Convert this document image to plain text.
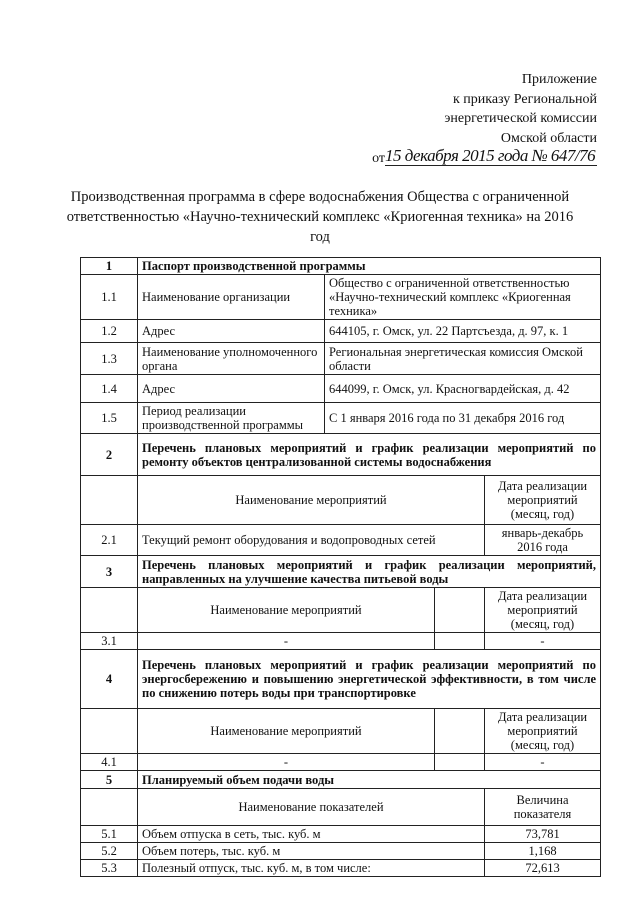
Приложение
к приказу Региональной
энергетической комиссии
Омской области
от 15 декабря 2015 года № 647/76
Производственная программа в сфере водоснабжения Общества с ограниченной ответственностью «Научно-технический комплекс «Криогенная техника» на 2016 год
1	Паспорт производственной программы			
1.1	Наименование организации	Общество с ограниченной ответственностью «Научно-технический комплекс «Криогенная техника»		
1.2	Адрес	644105, г. Омск, ул. 22 Партсъезда, д. 97, к. 1		
1.3	Наименование уполномоченного органа	Региональная энергетическая комиссия Омской области		
1.4	Адрес	644099, г. Омск, ул. Красногвардейская, д. 42		
1.5	Период реализации производственной программы	С 1 января 2016 года по 31 декабря 2016 год		
2	Перечень плановых мероприятий и график реализации мероприятий по ремонту объектов централизованной системы водоснабжения			
	Наименование мероприятий			Дата реализации мероприятий (месяц, год)
2.1	Текущий ремонт оборудования и водопроводных сетей			январь-декабрь 2016 года
3	Перечень плановых мероприятий и график реализации мероприятий, направленных на улучшение качества питьевой воды			
	Наименование мероприятий			Дата реализации мероприятий (месяц, год)
3.1	-			-
4	Перечень плановых мероприятий и график реализации мероприятий по энергосбережению и повышению энергетической эффективности, в том числе по снижению потерь воды при транспортировке			
	Наименование мероприятий			Дата реализации мероприятий (месяц, год)
4.1	-			-
5	Планируемый объем подачи воды			
	Наименование показателей			Величина показателя
5.1	Объем отпуска в сеть, тыс. куб. м			73,781
5.2	Объем потерь, тыс. куб. м			1,168
5.3	Полезный отпуск, тыс. куб. м, в том числе:			72,613
